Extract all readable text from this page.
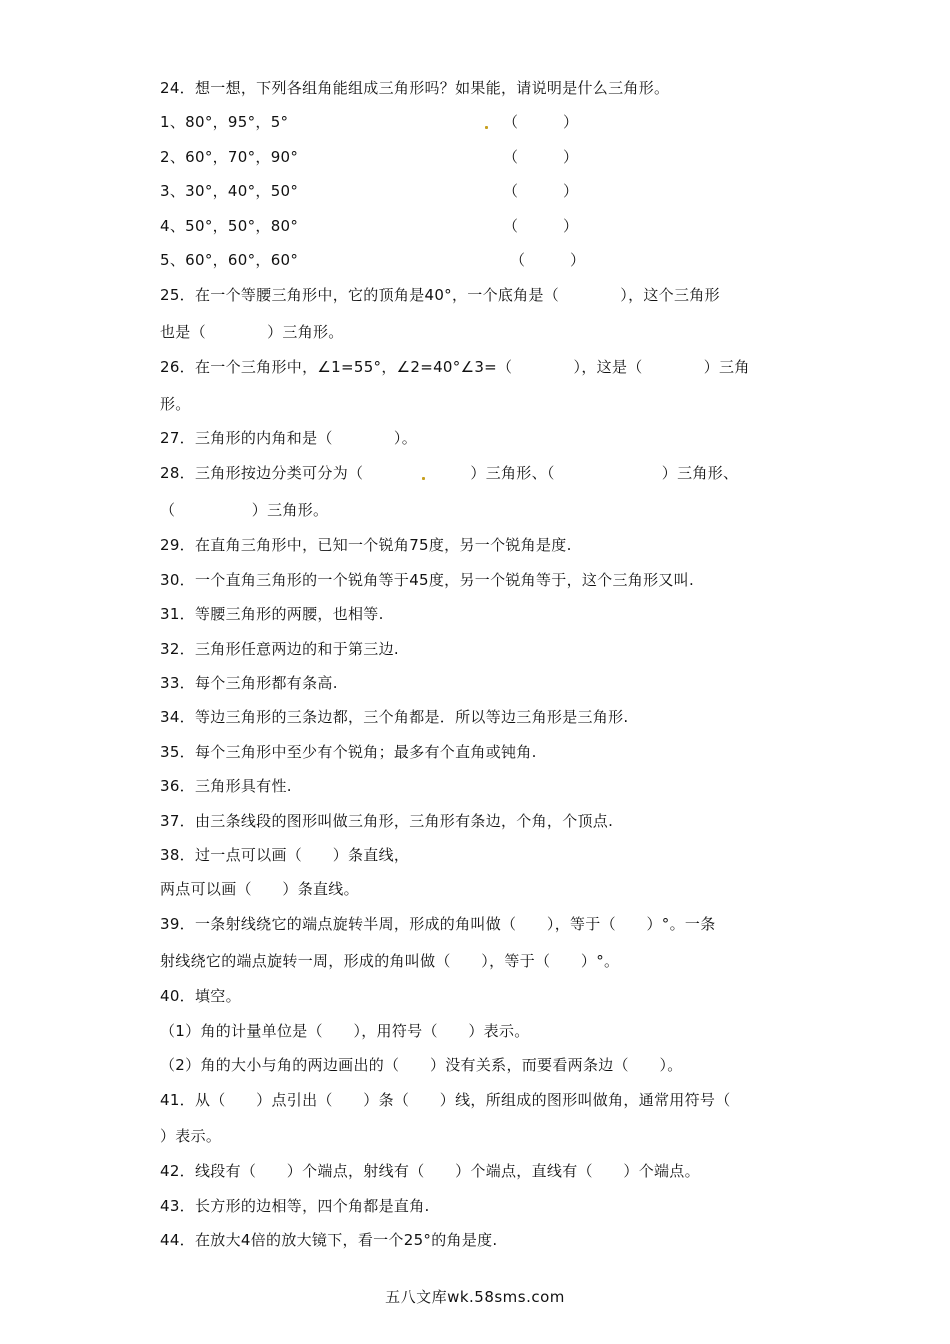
24．想一想，下列各组角能组成三角形吗？如果能，请说明是什么三角形。
1、80°，95°，5°	（　　　）
2、60°，70°，90°	（　　　）
3、30°，40°，50°	（　　　）
4、50°，50°，80°	（　　　）
5、60°，60°，60°	（　　　）
25．在一个等腰三角形中，它的顶角是40°，一个底角是（　　　　），这个三角形
也是（　　　　）三角形。
26．在一个三角形中，∠1=55°，∠2=40°∠3=（　　　　），这是（　　　　）三角
形。
27．三角形的内角和是（　　　　）。
28．三角形按边分类可分为（　　　　　　　）三角形、（　　　　　　　）三角形、
（　　　　　）三角形。
29．在直角三角形中，已知一个锐角75度，另一个锐角是度.
30．一个直角三角形的一个锐角等于45度，另一个锐角等于，这个三角形又叫.
31．等腰三角形的两腰，也相等.
32．三角形任意两边的和于第三边.
33．每个三角形都有条高.
34．等边三角形的三条边都，三个角都是．所以等边三角形是三角形.
35．每个三角形中至少有个锐角；最多有个直角或钝角.
36．三角形具有性.
37．由三条线段的图形叫做三角形，三角形有条边，个角，个顶点.
38．过一点可以画（　　）条直线，
两点可以画（　　）条直线。
39．一条射线绕它的端点旋转半周，形成的角叫做（　　），等于（　　）°。一条
射线绕它的端点旋转一周，形成的角叫做（　　），等于（　　）°。
40．填空。
（1）角的计量单位是（　　），用符号（　　）表示。
（2）角的大小与角的两边画出的（　　）没有关系，而要看两条边（　　）。
41．从（　　）点引出（　　）条（　　）线，所组成的图形叫做角，通常用符号（
）表示。
42．线段有（　　）个端点，射线有（　　）个端点，直线有（　　）个端点。
43．长方形的边相等，四个角都是直角.
44．在放大4倍的放大镜下，看一个25°的角是度.
五八文库wk.58sms.com
